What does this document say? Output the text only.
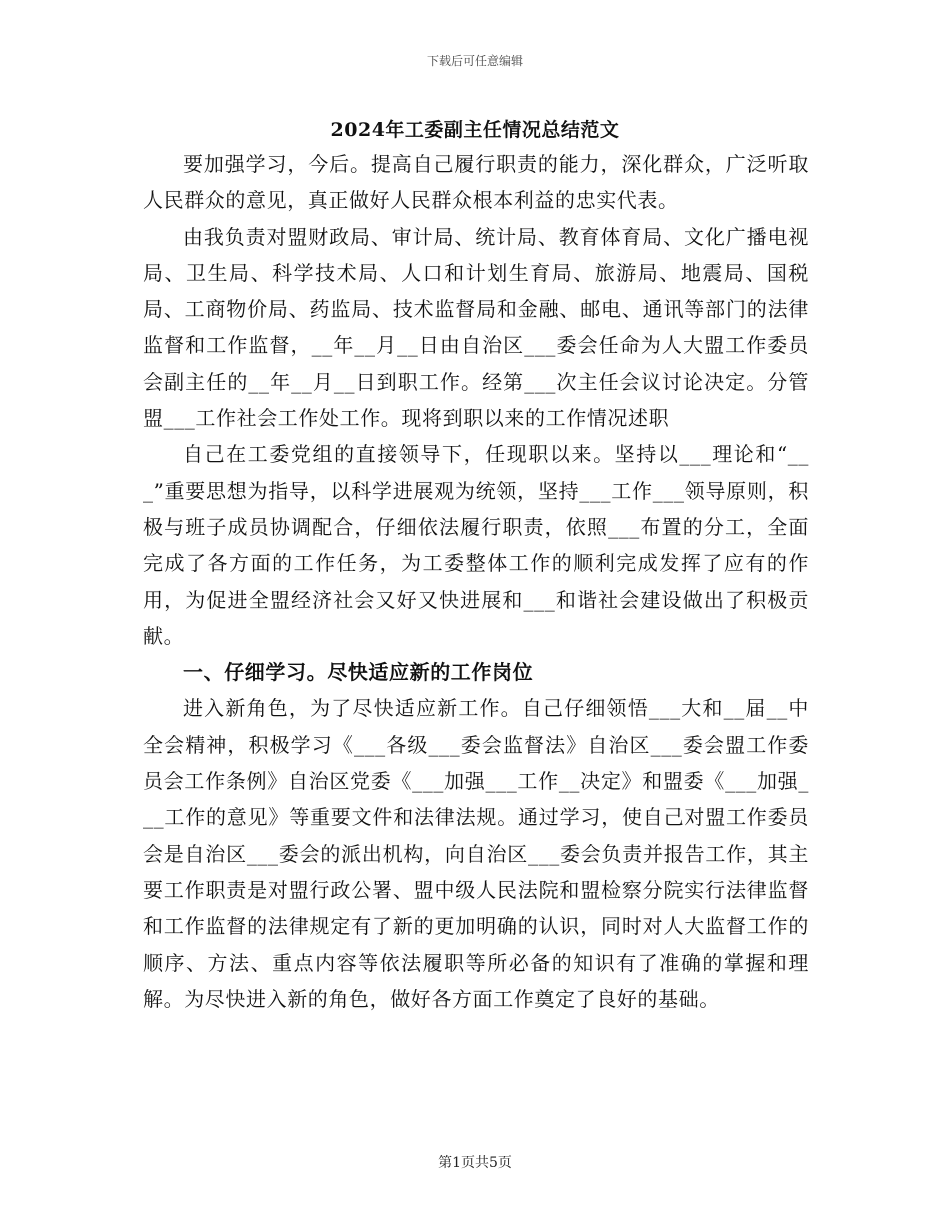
下载后可任意编辑
2024年工委副主任情况总结范文

要加强学习，今后。提高自己履行职责的能力，深化群众，广泛听取人民群众的意见，真正做好人民群众根本利益的忠实代表。

由我负责对盟财政局、审计局、统计局、教育体育局、文化广播电视局、卫生局、科学技术局、人口和计划生育局、旅游局、地震局、国税局、工商物价局、药监局、技术监督局和金融、邮电、通讯等部门的法律监督和工作监督，__年__月__日由自治区___委会任命为人大盟工作委员会副主任的__年__月__日到职工作。经第___次主任会议讨论决定。分管盟___工作社会工作处工作。现将到职以来的工作情况述职

自己在工委党组的直接领导下，任现职以来。坚持以___理论和“___”重要思想为指导，以科学进展观为统领，坚持___工作___领导原则，积极与班子成员协调配合，仔细依法履行职责，依照___布置的分工，全面完成了各方面的工作任务，为工委整体工作的顺利完成发挥了应有的作用，为促进全盟经济社会又好又快进展和___和谐社会建设做出了积极贡献。

一、仔细学习。尽快适应新的工作岗位

进入新角色，为了尽快适应新工作。自己仔细领悟___大和__届__中全会精神，积极学习《___各级___委会监督法》自治区___委会盟工作委员会工作条例》自治区党委《___加强___工作__决定》和盟委《___加强___工作的意见》等重要文件和法律法规。通过学习，使自己对盟工作委员会是自治区___委会的派出机构，向自治区___委会负责并报告工作，其主要工作职责是对盟行政公署、盟中级人民法院和盟检察分院实行法律监督和工作监督的法律规定有了新的更加明确的认识，同时对人大监督工作的顺序、方法、重点内容等依法履职等所必备的知识有了准确的掌握和理解。为尽快进入新的角色，做好各方面工作奠定了良好的基础。

第1页共5页
